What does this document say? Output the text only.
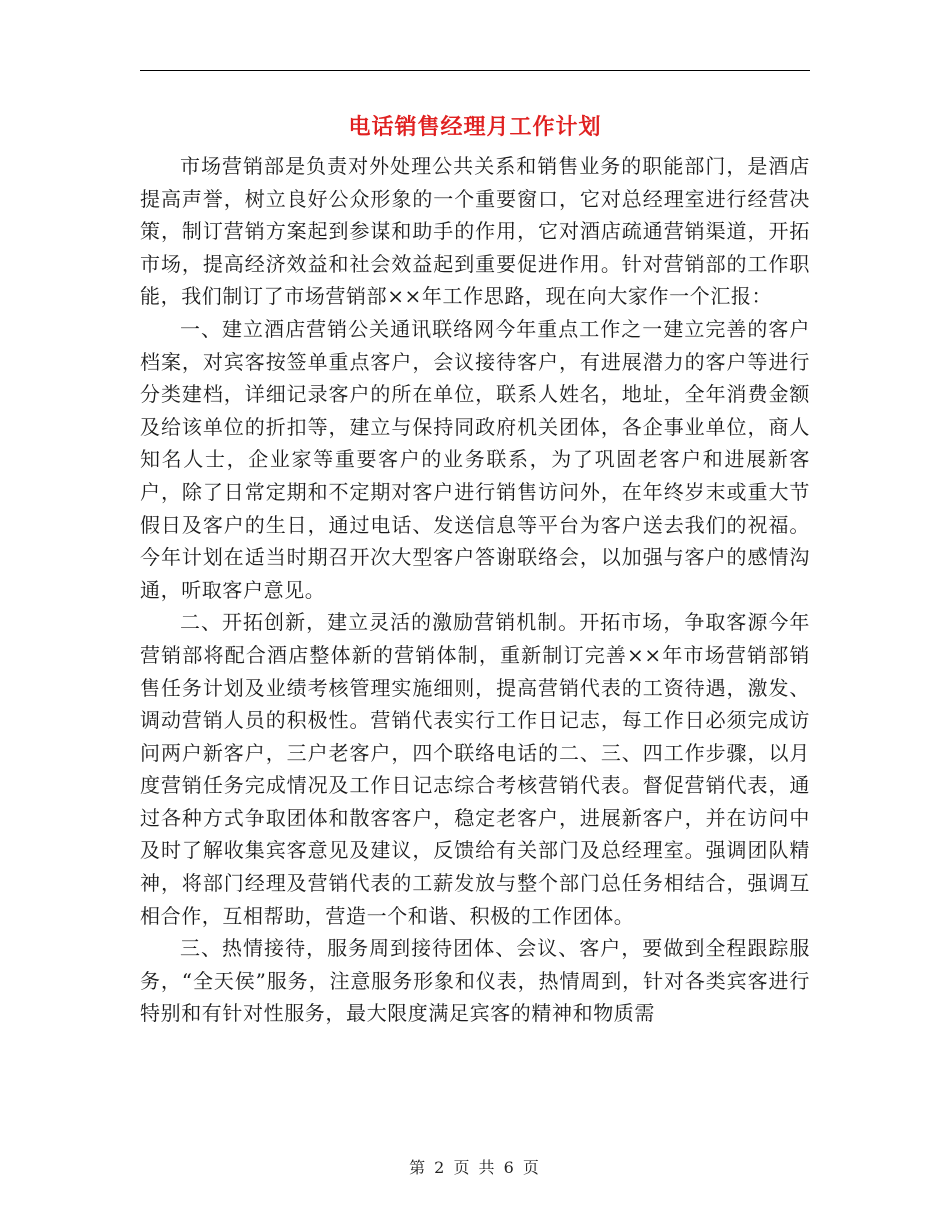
电话销售经理月工作计划

市场营销部是负责对外处理公共关系和销售业务的职能部门，是酒店提高声誉，树立良好公众形象的一个重要窗口，它对总经理室进行经营决策，制订营销方案起到参谋和助手的作用，它对酒店疏通营销渠道，开拓市场，提高经济效益和社会效益起到重要促进作用。针对营销部的工作职能，我们制订了市场营销部××年工作思路，现在向大家作一个汇报：

一、建立酒店营销公关通讯联络网今年重点工作之一建立完善的客户档案，对宾客按签单重点客户，会议接待客户，有进展潜力的客户等进行分类建档，详细记录客户的所在单位，联系人姓名，地址，全年消费金额及给该单位的折扣等，建立与保持同政府机关团体，各企事业单位，商人知名人士，企业家等重要客户的业务联系，为了巩固老客户和进展新客户，除了日常定期和不定期对客户进行销售访问外，在年终岁末或重大节假日及客户的生日，通过电话、发送信息等平台为客户送去我们的祝福。今年计划在适当时期召开次大型客户答谢联络会，以加强与客户的感情沟通，听取客户意见。

二、开拓创新，建立灵活的激励营销机制。开拓市场，争取客源今年营销部将配合酒店整体新的营销体制，重新制订完善××年市场营销部销售任务计划及业绩考核管理实施细则，提高营销代表的工资待遇，激发、调动营销人员的积极性。营销代表实行工作日记志，每工作日必须完成访问两户新客户，三户老客户，四个联络电话的二、三、四工作步骤，以月度营销任务完成情况及工作日记志综合考核营销代表。督促营销代表，通过各种方式争取团体和散客客户，稳定老客户，进展新客户，并在访问中及时了解收集宾客意见及建议，反馈给有关部门及总经理室。强调团队精神，将部门经理及营销代表的工薪发放与整个部门总任务相结合，强调互相合作，互相帮助，营造一个和谐、积极的工作团体。

三、热情接待，服务周到接待团体、会议、客户，要做到全程跟踪服务，“全天侯”服务，注意服务形象和仪表，热情周到，针对各类宾客进行特别和有针对性服务，最大限度满足宾客的精神和物质需

第 2 页 共 6 页
